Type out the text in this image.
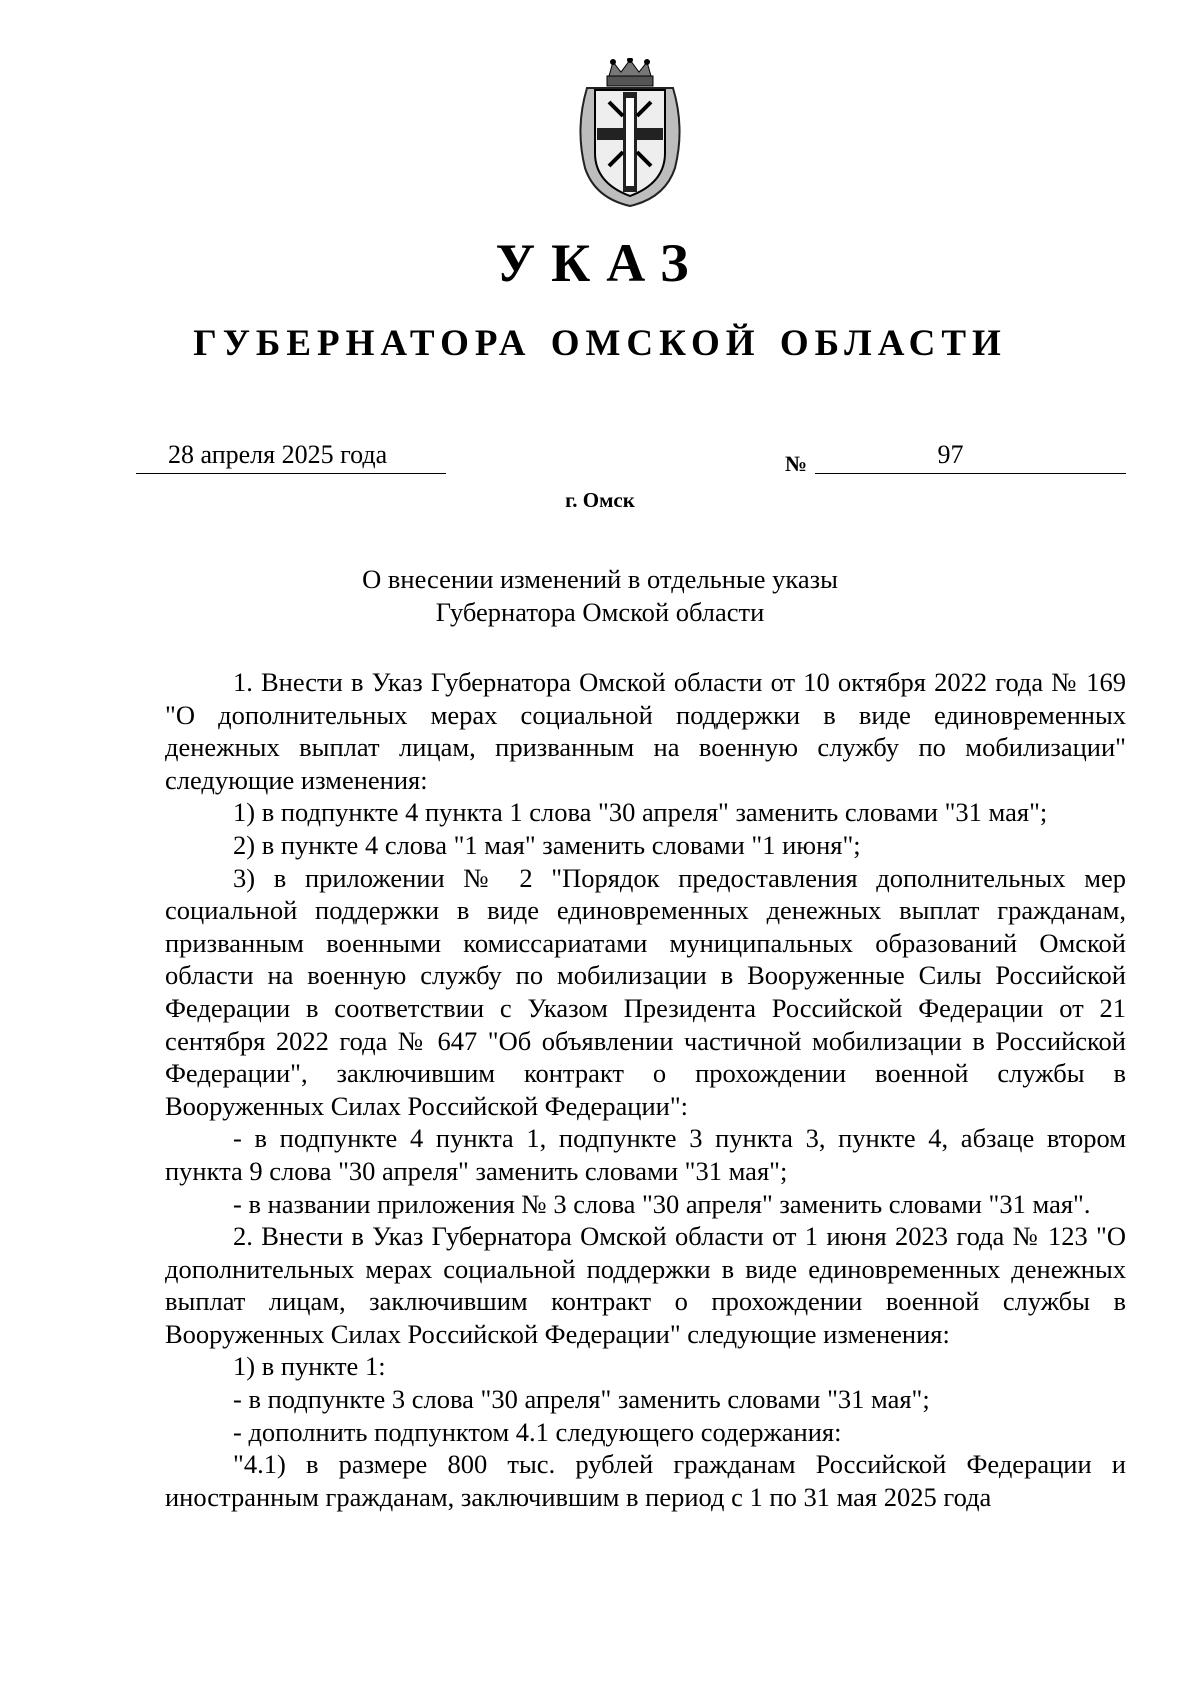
УКАЗ
ГУБЕРНАТОРА ОМСКОЙ ОБЛАСТИ
28 апреля 2025 года	№	97
г. Омск
О внесении изменений в отдельные указы
Губернатора Омской области

1. Внести в Указ Губернатора Омской области от 10 октября 2022 года № 169 "О дополнительных мерах социальной поддержки в виде единовременных денежных выплат лицам, призванным на военную службу по мобилизации" следующие изменения:

1) в подпункте 4 пункта 1 слова "30 апреля" заменить словами "31 мая";

2) в пункте 4 слова "1 мая" заменить словами "1 июня";

3) в приложении № 2 "Порядок предоставления дополнительных мер социальной поддержки в виде единовременных денежных выплат гражданам, призванным военными комиссариатами муниципальных образований Омской области на военную службу по мобилизации в Вооруженные Силы Российской Федерации в соответствии с Указом Президента Российской Федерации от 21 сентября 2022 года № 647 "Об объявлении частичной мобилизации в Российской Федерации", заключившим контракт о прохождении военной службы в Вооруженных Силах Российской Федерации":

- в подпункте 4 пункта 1, подпункте 3 пункта 3, пункте 4, абзаце втором пункта 9 слова "30 апреля" заменить словами "31 мая";

- в названии приложения № 3 слова "30 апреля" заменить словами "31 мая".

2. Внести в Указ Губернатора Омской области от 1 июня 2023 года № 123 "О дополнительных мерах социальной поддержки в виде единовременных денежных выплат лицам, заключившим контракт о прохождении военной службы в Вооруженных Силах Российской Федерации" следующие изменения:

1) в пункте 1:

- в подпункте 3 слова "30 апреля" заменить словами "31 мая";

- дополнить подпунктом 4.1 следующего содержания:

"4.1) в размере 800 тыс. рублей гражданам Российской Федерации и иностранным гражданам, заключившим в период с 1 по 31 мая 2025 года
